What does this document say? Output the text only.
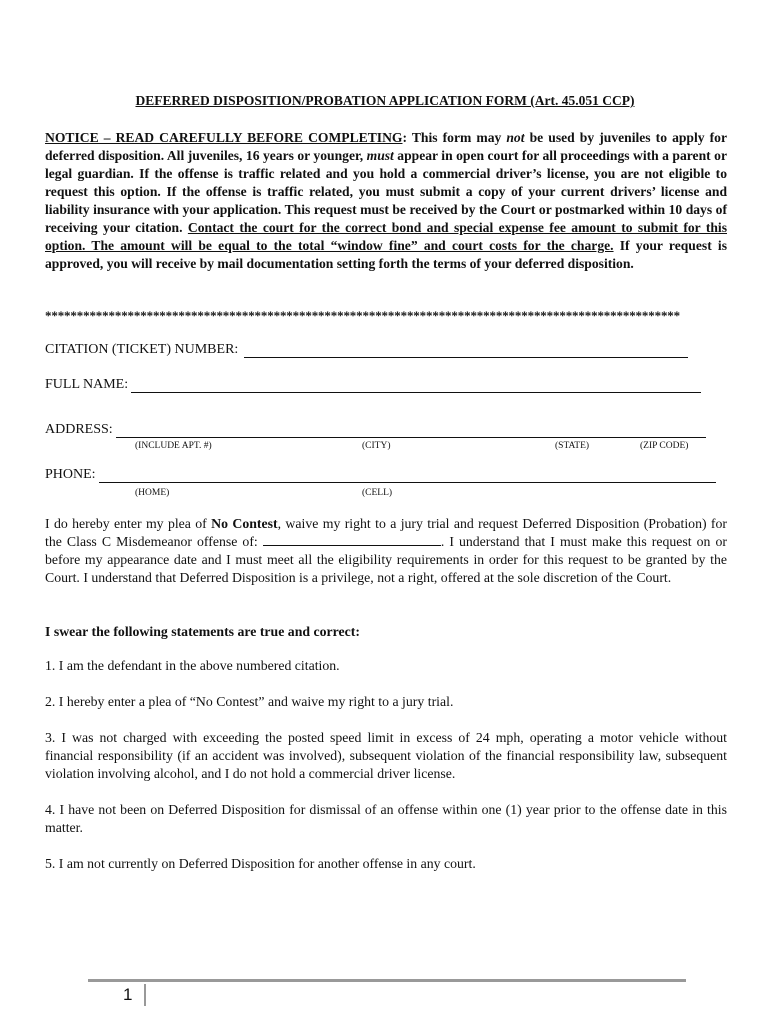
DEFERRED DISPOSITION/PROBATION APPLICATION FORM (Art. 45.051 CCP)
NOTICE – READ CAREFULLY BEFORE COMPLETING: This form may not be used by juveniles to apply for deferred disposition. All juveniles, 16 years or younger, must appear in open court for all proceedings with a parent or legal guardian. If the offense is traffic related and you hold a commercial driver’s license, you are not eligible to request this option. If the offense is traffic related, you must submit a copy of your current drivers’ license and liability insurance with your application. This request must be received by the Court or postmarked within 10 days of receiving your citation. Contact the court for the correct bond and special expense fee amount to submit for this option. The amount will be equal to the total “window fine” and court costs for the charge. If your request is approved, you will receive by mail documentation setting forth the terms of your deferred disposition.
****************************************************************************************************
CITATION (TICKET) NUMBER:
FULL NAME:
ADDRESS:
(INCLUDE APT. #)	(CITY)	(STATE)	(ZIP CODE)
PHONE:
(HOME)	(CELL)
I do hereby enter my plea of No Contest, waive my right to a jury trial and request Deferred Disposition (Probation) for the Class C Misdemeanor offense of:	. I understand that I must make this request on or before my appearance date and I must meet all the eligibility requirements in order for this request to be granted by the Court. I understand that Deferred Disposition is a privilege, not a right, offered at the sole discretion of the Court.
I swear the following statements are true and correct:
1. I am the defendant in the above numbered citation.
2. I hereby enter a plea of “No Contest” and waive my right to a jury trial.
3. I was not charged with exceeding the posted speed limit in excess of 24 mph, operating a motor vehicle without financial responsibility (if an accident was involved), subsequent violation of the financial responsibility law, subsequent violation involving alcohol, and I do not hold a commercial driver license.
4. I have not been on Deferred Disposition for dismissal of an offense within one (1) year prior to the offense date in this matter.
5. I am not currently on Deferred Disposition for another offense in any court.
1
